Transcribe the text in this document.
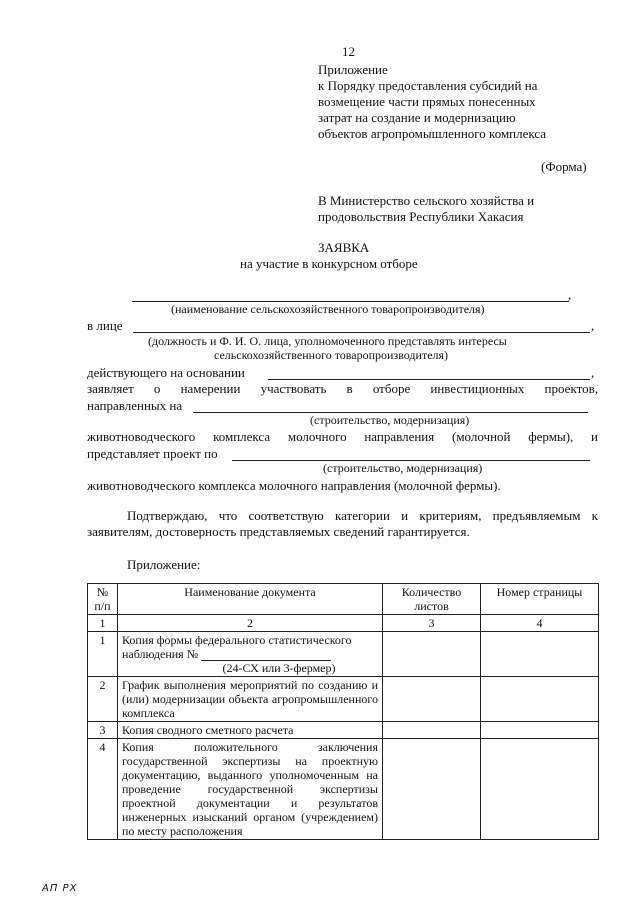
12
Приложение
к Порядку предоставления субсидий на
возмещение части прямых понесенных
затрат на создание и модернизацию
объектов агропромышленного комплекса
(Форма)
В Министерство сельского хозяйства и
продовольствия Республики Хакасия
ЗАЯВКА
на участие в конкурсном отборе
,
(наименование сельскохозяйственного товаропроизводителя)
в лице	,
(должность и Ф. И. О. лица, уполномоченного представлять интересы
сельскохозяйственного товаропроизводителя)
действующего на основании	,
заявляет о намерении участвовать в отборе инвестиционных проектов,
направленных на
(строительство, модернизация)
животноводческого комплекса молочного направления (молочной фермы), и
представляет проект по
(строительство, модернизация)
животноводческого комплекса молочного направления (молочной фермы).
Подтверждаю, что соответствую категории и критериям, предъявляемым к
заявителям, достоверность представляемых сведений гарантируется.
Приложение:
№ п/п	Наименование документа	Количество листов	Номер страницы
1	2	3	4
1	Копия формы федерального статистического наблюдения №
(24-СХ или 3-фермер)		

2	График выполнения мероприятий по созданию и (или) модернизации объекта агропромышленного комплекса		
3	Копия сводного сметного расчета		
4	Копия положительного заключения государственной экспертизы на проектную документацию, выданного уполномоченным на проведение государственной экспертизы проектной документации и результатов инженерных изысканий органом (учреждением) по месту расположения		
АП РХ
